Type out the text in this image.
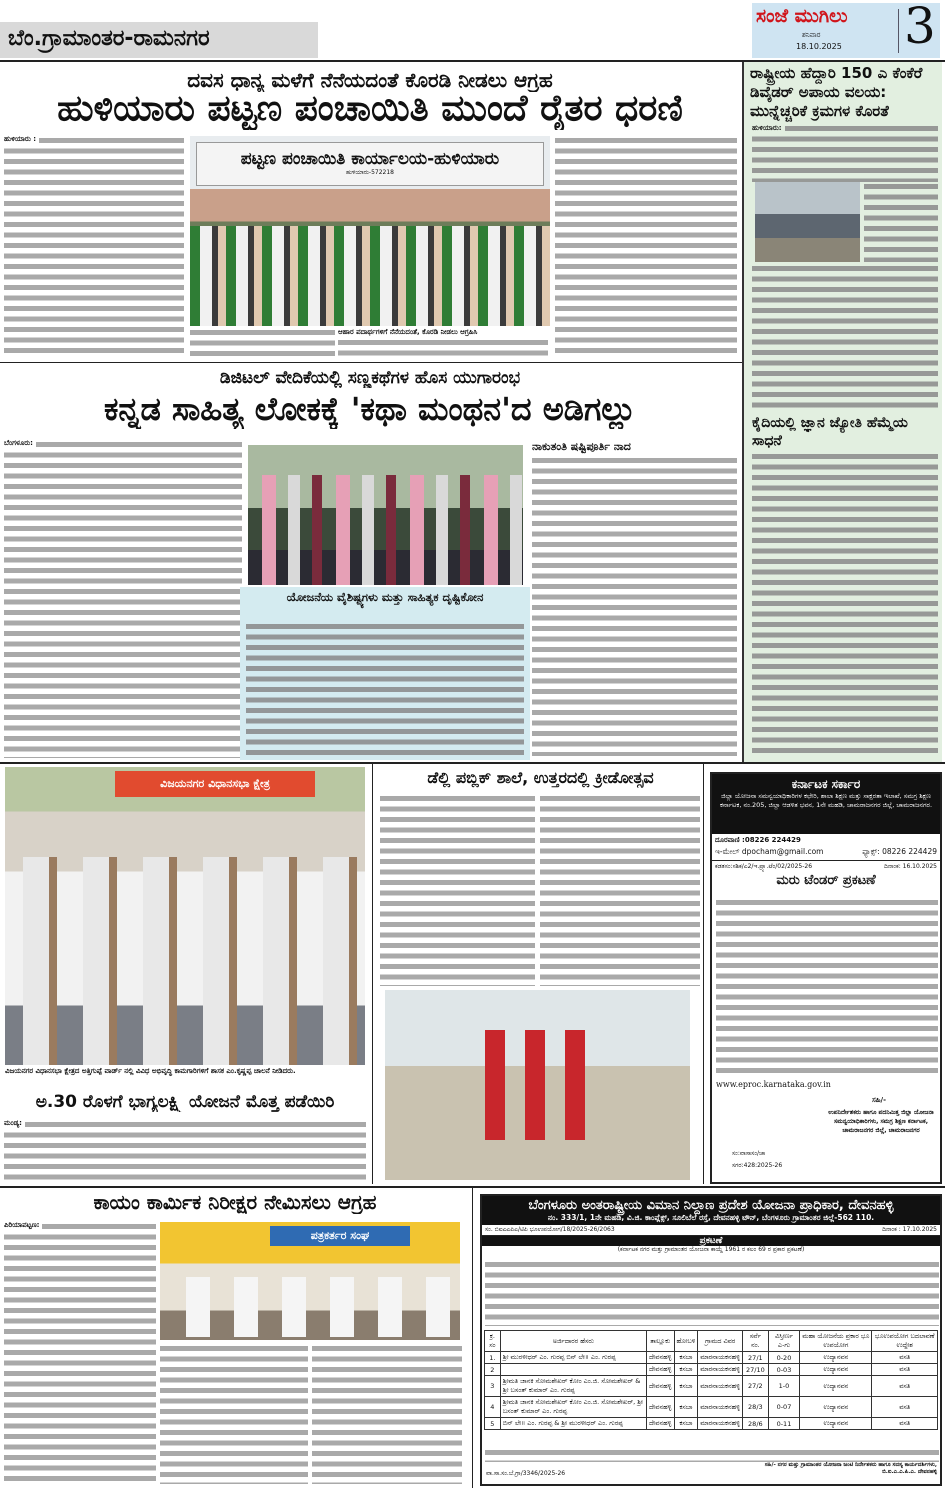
ಬೆಂ.ಗ್ರಾಮಾಂತರ-ರಾಮನಗರ
ಸಂಜೆ ಮುಗಿಲು
ಶನಿವಾರ
18.10.2025 3
ದವಸ ಧಾನ್ಯ ಮಳೆಗೆ ನೆನೆಯದಂತೆ ಕೊರಡಿ ನೀಡಲು ಆಗ್ರಹ
ಹುಳಿಯಾರು ಪಟ್ಟಣ ಪಂಚಾಯಿತಿ ಮುಂದೆ ರೈತರ ಧರಣಿ
ಹುಳಿಯಾರು :
ಪಟ್ಟಣ ಪಂಚಾಯಿತಿ ಕಾರ್ಯಾಲಯ-ಹುಳಿಯಾರು
ಹುಳಿಯಾರು-572218
ಆಹಾರ ಪದಾರ್ಥಗಳಿಗೆ ನೆನೆಯದಂತೆ, ಕೊರಡಿ ನೀಡಲು ಆಗ್ರಹಿಸಿ
ರಾಷ್ಟ್ರೀಯ ಹೆದ್ದಾರಿ 150 ಎ ಕೆಂಕೆರೆ ಡಿವೈಡರ್ ಅಪಾಯ ವಲಯ: ಮುನ್ನೆಚ್ಚರಿಕೆ ಕ್ರಮಗಳ ಕೊರತೆ
ಹುಳಿಯಾರು:
ಕೈದಿಯಲ್ಲಿ ಜ್ಞಾನ ಜ್ಯೋತಿ ಹೆಮ್ಮೆಯ ಸಾಧನೆ
ಡಿಜಿಟಲ್ ವೇದಿಕೆಯಲ್ಲಿ ಸಣ್ಣಕಥೆಗಳ ಹೊಸ ಯುಗಾರಂಭ
ಕನ್ನಡ ಸಾಹಿತ್ಯ ಲೋಕಕ್ಕೆ 'ಕಥಾ ಮಂಥನ'ದ ಅಡಿಗಲ್ಲು
ಬೆಂಗಳೂರು:
ಯೋಜನೆಯ ವೈಶಿಷ್ಟ್ಯಗಳು ಮತ್ತು ಸಾಹಿತ್ಯಕ ದೃಷ್ಟಿಕೋನ
ನಾಕುತಂತಿ ಷಷ್ಟಿಪೂರ್ತಿ ನಾದ
ವಿಜಯನಗರ ವಿಧಾನಸಭಾ ಕ್ಷೇತ್ರ
ವಿಜಯನಗರ ವಿಧಾನಸಭಾ ಕ್ಷೇತ್ರದ ಅತ್ತಿಗುಪ್ಪೆ ವಾರ್ಡ್ ನಲ್ಲಿ ವಿವಿಧ ಅಭಿವೃದ್ಧಿ ಕಾಮಗಾರಿಗಳಿಗೆ ಶಾಸಕ ಎಂ.ಕೃಷ್ಣಪ್ಪ ಚಾಲನೆ ನೀಡಿದರು.
ಅ.30 ರೊಳಗೆ ಭಾಗ್ಯಲಕ್ಷ್ಮಿ ಯೋಜನೆ ಮೊತ್ತ ಪಡೆಯಿರಿ
ಮಂಡ್ಯ:
ಡೆಲ್ಲಿ ಪಬ್ಲಿಕ್ ಶಾಲೆ, ಉತ್ತರದಲ್ಲಿ ಕ್ರೀಡೋತ್ಸವ	ಕರ್ನಾಟಕ ಸರ್ಕಾರ
ಜಿಲ್ಲಾ ಯೋಜನಾ ಸಮನ್ವಯಾಧಿಕಾರಿಗಳ ಕಛೇರಿ, ಶಾಲಾ ಶಿಕ್ಷಣ ಮತ್ತು ಸಾಕ್ಷರತಾ ಇಲಾಖೆ, ಸಮಗ್ರ ಶಿಕ್ಷಣ ಕರ್ನಾಟಕ, ನಂ.205, ಜಿಲ್ಲಾ ಆಡಳಿತ ಭವನ, 1ನೇ ಮಹಡಿ, ಚಾಮರಾಜನಗರ ಜಿಲ್ಲೆ, ಚಾಮರಾಜನಗರ.
ದೂರವಾಣಿ :08226 224429
ಇ-ಮೇಲ್ dpocham@gmail.com	ಫ್ಯಾಕ್ಸ್: 08226 224429
ಕಡತಸಂ:ಸಶಿಕ/ಎ2/ಇ.ಪ್ರ್ಯಾ.ಟೆಂ/02/2025-26	ದಿನಾಂಕ: 16.10.2025
ಮರು ಟೆಂಡರ್ ಪ್ರಕಟಣೆ
www.eproc.karnataka.gov.in
ಸಹಿ/-
ಉಪನಿರ್ದೇಶಕರು ಹಾಗೂ ಪದನಿಮಿತ್ತ ಜಿಲ್ಲಾ ಯೋಜನಾ ಸಮನ್ವಯಾಧಿಕಾರಿಗಳು, ಸಮಗ್ರ ಶಿಕ್ಷಣ ಕರ್ನಾಟಕ, ಚಾಮರಾಜನಗರ ಜಿಲ್ಲೆ, ಚಾಮರಾಜನಗರ
ಸಂ:ವಾಸಾಸಂ/ಚಾ
ಸಗರ:428:2025-26
ಕಾಯಂ ಕಾರ್ಮಿಕ ನಿರೀಕ್ಷರ ನೇಮಿಸಲು ಆಗ್ರಹ
ಪಿರಿಯಾಪಟ್ಟಣ:
ಪತ್ರಕರ್ತರ ಸಂಘ
ಬೆಂಗಳೂರು ಅಂತರಾಷ್ಟ್ರೀಯ ವಿಮಾನ ನಿಲ್ದಾಣ ಪ್ರದೇಶ ಯೋಜನಾ ಪ್ರಾಧಿಕಾರ, ದೇವನಹಳ್ಳಿ
ನಂ. 333/1, 1ನೇ ಮಹಡಿ, ವಿ.ಜಿ. ಕಾಂಪ್ಲೆಕ್ಸ್, ಸೂಲಿಬೆಲೆ ರಸ್ತೆ, ದೇವನಹಳ್ಳಿ ಟೌನ್, ಬೆಂಗಳೂರು ಗ್ರಾಮಾಂತರ ಜಿಲ್ಲೆ-562 110.
ಸಂ. ಬಿಐಎಎಪಿಎ/ಟಿಪಿ ಭೂಉಪಯೋಗ/18/2025-26/2063	ದಿನಾಂಕ : 17.10.2025
ಪ್ರಕಟಣೆ
(ಕರ್ನಾಟಕ ನಗರ ಮತ್ತು ಗ್ರಾಮಾಂತರ ಯೋಜನಾ ಕಾಯ್ದೆ 1961 ರ ಕಲಂ 69 ರ ಪ್ರಕಾರ ಪ್ರಕಟಣೆ)
ಕ್ರ. ಸಂ	ಅರ್ಜಿದಾರರ ಹೆಸರು	ತಾಲ್ಲೂಕು	ಹೋಬಳಿ	ಗ್ರಾಮದ ವಿವರ	ಸರ್ವೆ ನಂ.	ವಿಸ್ತೀರ್ಣ ಎ-ಗು	ಮಹಾ ಯೋಜನೆಯ ಪ್ರಕಾರ ಭೂ ಉಪಯೋಗ	ಭೂಉಪಯೋಗ ಬದಲಾವಣೆ ಉದ್ದೇಶ
1.	ಶ್ರೀ ಮುರಳೀಧರ್ ಎಂ. ಗುರಪ್ಪ ಬಿನ್ ಲೇ॥ ಎಂ. ಗುರಪ್ಪ	ದೇವನಹಳ್ಳಿ	ಕಸಬಾ	ಮಾರನಾಯಕನಹಳ್ಳಿ	27/1	0-20	ಉದ್ಯಾನವನ	ವಸತಿ
2		ದೇವನಹಳ್ಳಿ	ಕಸಬಾ	ಮಾರನಾಯಕನಹಳ್ಳಿ	27/10	0-03	ಉದ್ಯಾನವನ	ವಸತಿ
3	ಶ್ರೀಮತಿ ಜಾನಕಿ ಸೋಮಶೇಖರ್ ಕೋಂ ಎಂ.ಜಿ. ಸೋಮಶೇಖರ್ & ಶ್ರೀ ಬಸಂತ್ ಕುಮಾರ್ ಎಂ. ಗುರಪ್ಪ	ದೇವನಹಳ್ಳಿ	ಕಸಬಾ	ಮಾರನಾಯಕನಹಳ್ಳಿ	27/2	1-0	ಉದ್ಯಾನವನ	ವಸತಿ
4	ಶ್ರೀಮತಿ ಜಾನಕಿ ಸೋಮಶೇಖರ್ ಕೋಂ ಎಂ.ಜಿ. ಸೋಮಶೇಖರ್, ಶ್ರೀ ಬಸಂತ್ ಕುಮಾರ್ ಎಂ. ಗುರಪ್ಪ	ದೇವನಹಳ್ಳಿ	ಕಸಬಾ	ಮಾರನಾಯಕನಹಳ್ಳಿ	28/3	0-07	ಉದ್ಯಾನವನ	ವಸತಿ
5	ಬಿನ್ ಲೇ॥ ಎಂ. ಗುರಪ್ಪ & ಶ್ರೀ ಮುರಳೀಧರ್ ಎಂ. ಗುರಪ್ಪ	ದೇವನಹಳ್ಳಿ	ಕಸಬಾ	ಮಾರನಾಯಕನಹಳ್ಳಿ	28/6	0-11	ಉದ್ಯಾನವನ	ವಸತಿ
ವಾ.ಸಾ.ಸಂ.ಬೆ.ಗ್ರಾ/3346/2025-26
ಸಹಿ/- ನಗರ ಮತ್ತು ಗ್ರಾಮಾಂತರ ಯೋಜನಾ ಜಂಟಿ ನಿರ್ದೇಶಕರು ಹಾಗೂ ಸದಸ್ಯ ಕಾರ್ಯದರ್ಶಿಗಳು, ಬಿ.ಐ.ಎ.ಎ.ಪಿ.ಎ. ದೇವನಹಳ್ಳಿ
